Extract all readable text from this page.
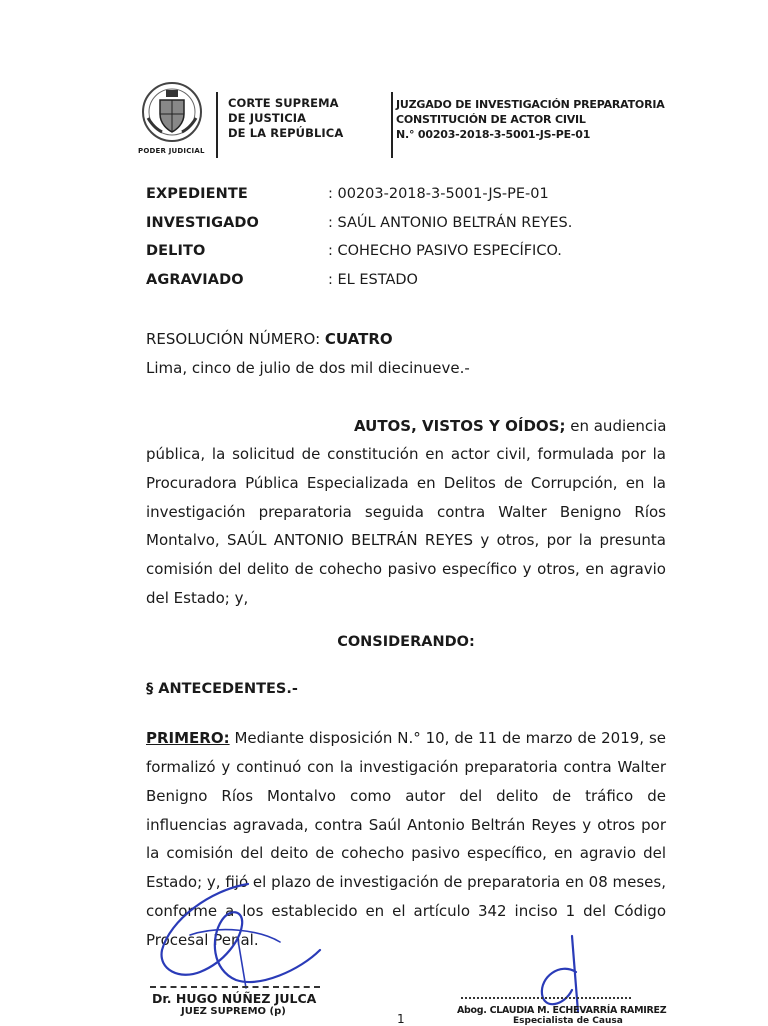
PODER JUDICIAL
CORTE SUPREMA
DE JUSTICIA
DE LA REPÚBLICA
JUZGADO DE INVESTIGACIÓN PREPARATORIA
CONSTITUCIÓN DE ACTOR CIVIL
N.° 00203-2018-3-5001-JS-PE-01
EXPEDIENTE	: 00203-2018-3-5001-JS-PE-01
INVESTIGADO	: SAÚL ANTONIO BELTRÁN REYES.
DELITO	: COHECHO PASIVO ESPECÍFICO.
AGRAVIADO	: EL ESTADO
RESOLUCIÓN NÚMERO: CUATRO
Lima, cinco de julio de dos mil diecinueve.-
AUTOS, VISTOS Y OÍDOS; en audiencia
pública, la solicitud de constitución en actor civil, formulada por la
Procuradora Pública Especializada en Delitos de Corrupción, en la
investigación preparatoria seguida contra Walter Benigno Ríos
Montalvo, SAÚL ANTONIO BELTRÁN REYES y otros, por la presunta
comisión del delito de cohecho pasivo específico y otros, en agravio
del Estado; y,
CONSIDERANDO:
§ ANTECEDENTES.-
PRIMERO: Mediante disposición N.° 10, de 11 de marzo de 2019, se
formalizó y continuó con la investigación preparatoria contra Walter
Benigno Ríos Montalvo como autor del delito de tráfico de
influencias agravada, contra Saúl Antonio Beltrán Reyes y otros por
la comisión del deito de cohecho pasivo específico, en agravio del
Estado; y, fijó el plazo de investigación de preparatoria en 08 meses,
conforme a los establecido en el artículo 342 inciso 1 del Código
Procesal Penal.
Dr. HUGO NÚÑEZ JULCA
JUEZ SUPREMO (p)	Abog. CLAUDIA M. ECHEVARRÍA RAMIREZ
Especialista de Causa
1
